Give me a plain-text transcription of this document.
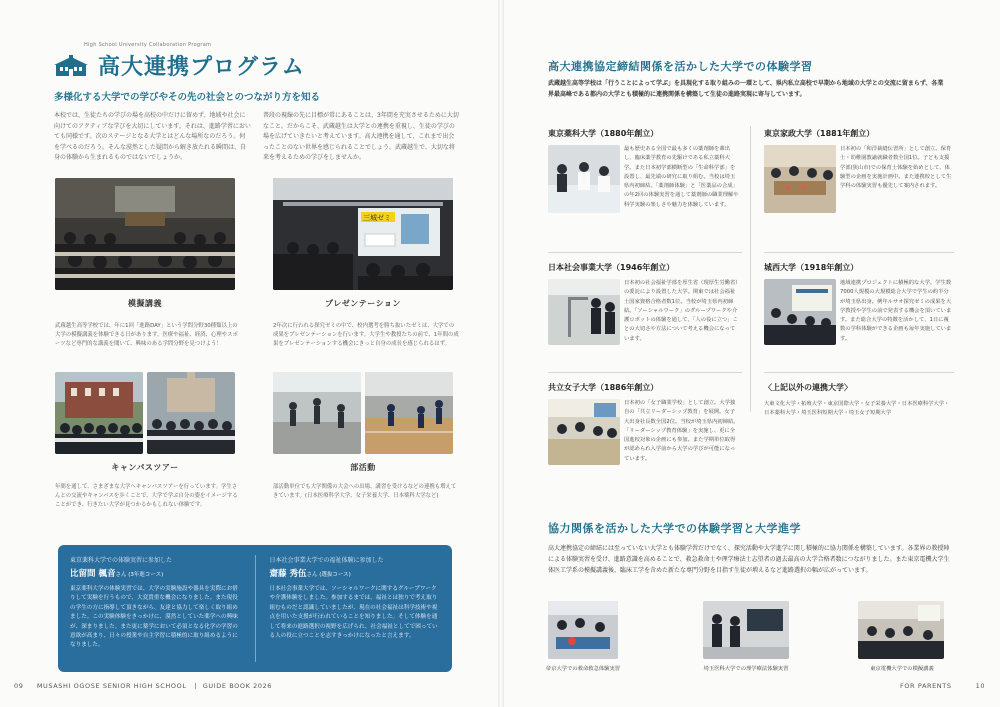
High School University Collaboration Program
高大連携プログラム
多様化する大学での学びやその先の社会とのつながり方を知る

本校では、生徒たちの学びの場を高校の中だけに留めず、地域や社会に向けてのアクティブな学びを大切にしています。それは、進路学習においても同様です。次のステージとなる大学とはどんな場所なのだろう。何を学べるのだろう。そんな漠然とした疑問から解き放たれる瞬間は、自身の体験から生まれるものではないでしょうか。

普段の視線の先に目標が常にあることは、3年間を充実させるために大切なこと。だからこそ、武蔵越生は大学との連携を重視し、生徒の学びの場を広げていきたいと考えています。高大連携を通して、これまで出会ったことのない世界を感じられることでしょう。武蔵越生で、大切な将来を考えるための学びをしませんか。

模擬講義
武蔵越生高等学校では、年に1回「進路DAY」という学問分野30種類以上の大学の模擬講義を体験できる日があります。医療や福祉、経済、心理やスポーツなど専門的な講義を聞いて、興味のある学問分野を見つけよう！
三城ゼミ
プレゼンテーション
2年次に行われる探究ゼミの中で、校内選考を勝ち抜いたゼミは、大学での成果をプレゼンテーションを行います。大学生や教授たちの前で、1年間の成果をプレゼンテーションする機会にきっと自身の成長を感じられるはず。
キャンパスツアー
年間を通して、さまざまな大学へキャンパスツアーを行っています。学生さんとの交流やキャンパスを歩くことで、大学で学ぶ自分の姿をイメージすることができ、行きたい大学が見つかるかもしれない体験です。
部活動
部活動単位でも大学関係の大会への出場、講習を受けるなどの連携も増えてきています。(日本医療科学大学、女子栄養大学、日本薬科大学など)
東京薬科大学での体験実習に参加した
比留間 楓音さん (3年進コース)
東京薬科大学の体験実習では、大学の実験施設や器具を実際にお借りして実験を行うもので、大変貴重な機会になりました。また現役の学生の方に指導して頂きながら、友達と協力して楽しく取り組めました。この実験体験をきっかけに、漠然としていた薬学への興味が、深まりました。また更に薬学において必須となる化学の学習の意欲が高まり、日々の授業や自主学習に積極的に取り組めるようになりました。
日本社会事業大学での福祉体験に参加した
齋藤 秀伍さん (選抜コース)
日本社会事業大学では、ソーシャルワークに関するグループワークや介護体験をしました。参加するまでは、福祉とは独りで考え取り組むものだと認識していましたが、現在の社会福祉は科学技術や視点を用いた支援が行われていることを知りました。そして体験を通して将来の進路選択の視野を広げられ、社会福祉としてで困っている人の役に立つことを志すきっかけになったと言えます。
09 MUSASHI OGOSE SENIOR HIGH SCHOOL   |  GUIDE BOOK 2026
高大連携協定締結関係を活かした大学での体験学習
武蔵越生高等学校は「行うことによって学ぶ」を具現化する取り組みの一環として、県内私立高校で早期から地域の大学との交流に留まらず、各業界最高峰である都内の大学とも積極的に連携関係を構築して生徒の進路実現に寄与しています。
東京薬科大学（1880年創立）
最も歴史ある全国で最も多くの薬剤師を輩出し、臨床薬学教育の先駆けである私立薬科大学。また日本初学部横断型の「生命科学部」を設置し、最先端の研究に取り組む。当校は埼玉県内初締結。「薬剤師体験」と「医薬品の合成」の年2回の体験実習を通して薬剤師の職業理解や科学実験の楽しさや魅力を体験しています。
東京家政大学（1881年創立）
日本初の「和洋裁縫伝習所」として創立。保育士・幼稚園教諭就職者数全国1位。子ども支援学部(狭山市)での保育士体験を始めとして、体験型の企画を実施計画中。また連携校として生学科の体験実習も優先して案内されます。
日本社会事業大学（1946年創立）
日本初の社会福祉学部を厚生省（現厚生労働省）の委託により設置した大学。関東では社会福祉士国家資格合格者数1位。当校が埼玉県内初締結。「ソーシャルワーク」のグループワークや介護ロボットの体験を通して、「人の役に立つ」ことの大切さや方法について考える機会になっています。
城西大学（1918年創立）
地域連携プロジェクトに積極的な大学。学生数7000人規模の大規模総合大学で学生の約半分が埼玉県出身。例年ルサオ探究ゼミの成果を大学教授や学生の前で発表する機会を頂いています。また総合大学の特徴を活かして、1日に複数の学科体験ができる企画も毎年実施しています。
共立女子大学（1886年創立）
日本初の「女子職業学校」として創立。大学独自の「共立リーダーシップ教育」を展開。女子大出身社長数全国2位。当校が埼玉県内初締結。「リーダーシップ教育体験」を実施し、更に全国進校対象の企画にも参加。また学期単位取得が認められ入学前から大学の学びが可能になっています。
〈上記以外の連携大学〉
大東文化大学・拓殖大学・東京国際大学・女子栄養大学・日本医療科学大学・日本薬科大学・埼玉医科短期大学・埼玉女子短期大学
協力関係を活かした大学での体験学習と大学進学
高大連携協定の締結には至っていない大学とも体験学習だけでなく、探究活動や大学進学に関し積極的に協力関係を構築しています。各業界の教授陣による体験実習を受け、進路意識を高めることで、救急救命士や理学療法士志望者の過去最高の大学合格者数につながりました。また東京電機大学生体医工学系の模擬講義後、臨床工学を含めた新たな専門分野を目指す生徒が増えるなど進路選択の幅が広がっています。
帝京大学での救命救急体験実習	埼玉医科大学での理学療法体験実習	東京電機大学での模擬講義
FOR PARENTS	10
